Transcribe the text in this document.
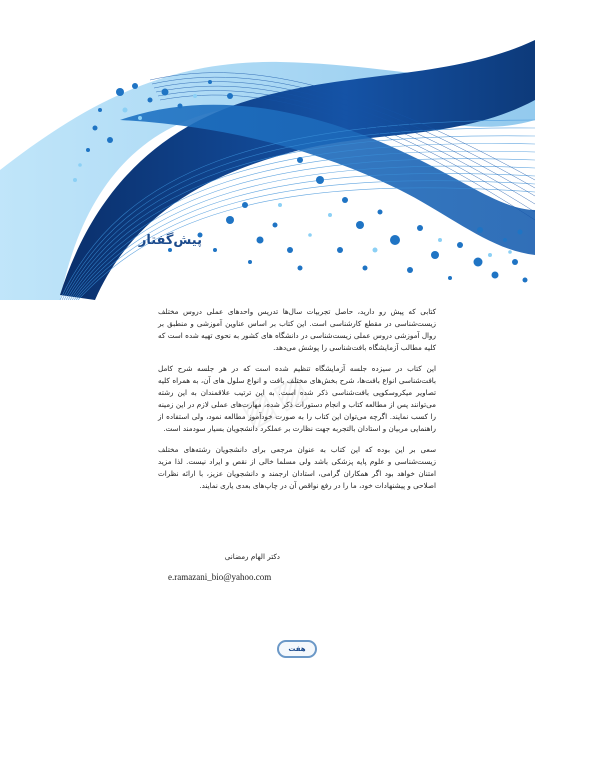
پیش‌گفتار
▨▨

کتابی که پیش رو دارید، حاصل تجربیات سال‌ها تدریس واحدهای عملی دروس مختلف زیست‌شناسی در مقطع کارشناسی است. این کتاب بر اساس عناوین آموزشی و منطبق بر روال آموزشی دروس عملی زیست‌شناسی در دانشگاه های کشور به نحوی تهیه شده است که کلیه مطالب آزمایشگاه بافت‌شناسی را پوشش می‌دهد.

این کتاب در سیزده جلسه آزمایشگاه تنظیم شده است که در هر جلسه شرح کامل بافت‌شناسی انواع بافت‌ها، شرح بخش‌های مختلف بافت و انواع سلول های آن، به همراه کلیه تصاویر میکروسکوپی بافت‌شناسی ذکر شده است. به این ترتیب علاقمندان به این رشته می‌توانند پس از مطالعه کتاب و انجام دستورات ذکر شده، مهارت‌های عملی لازم در این زمینه را کسب نمایند. اگرچه می‌توان این کتاب را به صورت خودآموز مطالعه نمود، ولی استفاده از راهنمایی مربیان و استادان بالتجربه جهت نظارت بر عملکرد دانشجویان بسیار سودمند است.

سعی بر این بوده که این کتاب به عنوان مرجعی برای دانشجویان رشته‌های مختلف زیست‌شناسی و علوم پایه پزشکی باشد ولی مسلما خالی از نقص و ایراد نیست. لذا مزید امتنان خواهد بود اگر همکاران گرامی، استادان ارجمند و دانشجویان عزیز، با ارائه نظرات اصلاحی و پیشنهادات خود، ما را در رفع نواقص آن در چاپ‌های بعدی یاری نمایند.

دکتر الهام رمضانی
e.ramazani_bio@yahoo.com
هفت
